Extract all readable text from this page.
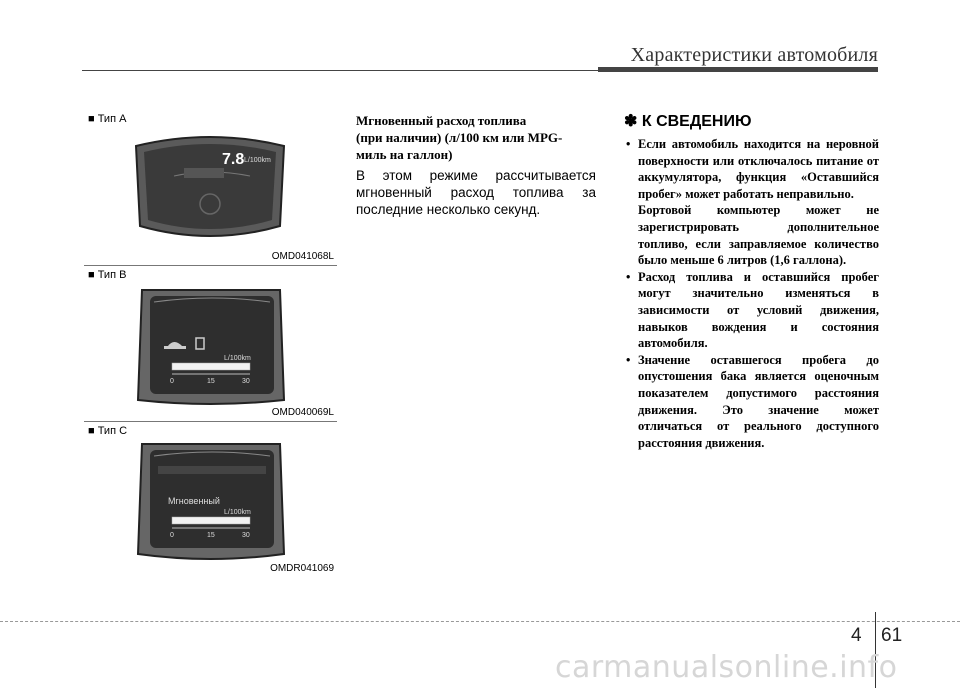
Характеристики автомобиля
■ Тип A
7.8 L/100km
OMD041068L
■ Тип B
L/100km
0	15	30
OMD040069L
■ Тип C
Мгновенный
L/100km
0	15	30
OMDR041069
Мгновенный расход топлива
(при наличии) (л/100 км или MPG-
миль на галлон)
В этом режиме рассчитывается мгновенный расход топлива за последние несколько секунд.
✽ К СВЕДЕНИЮ
• Если автомобиль находится на неровной поверхности или отключалось питание от аккумулятора, функция «Оставшийся пробег» может работать неправильно.
Бортовой компьютер может не зарегистрировать дополнительное топливо, если заправляемое количество было меньше 6 литров (1,6 галлона).
• Расход топлива и оставшийся пробег могут значительно изменяться в зависимости от условий движения, навыков вождения и состояния автомобиля.
• Значение оставшегося пробега до опустошения бака является оценочным показателем допустимого расстояния движения. Это значение может отличаться от реального доступного расстояния движения.
4 61
carmanualsonline.info
